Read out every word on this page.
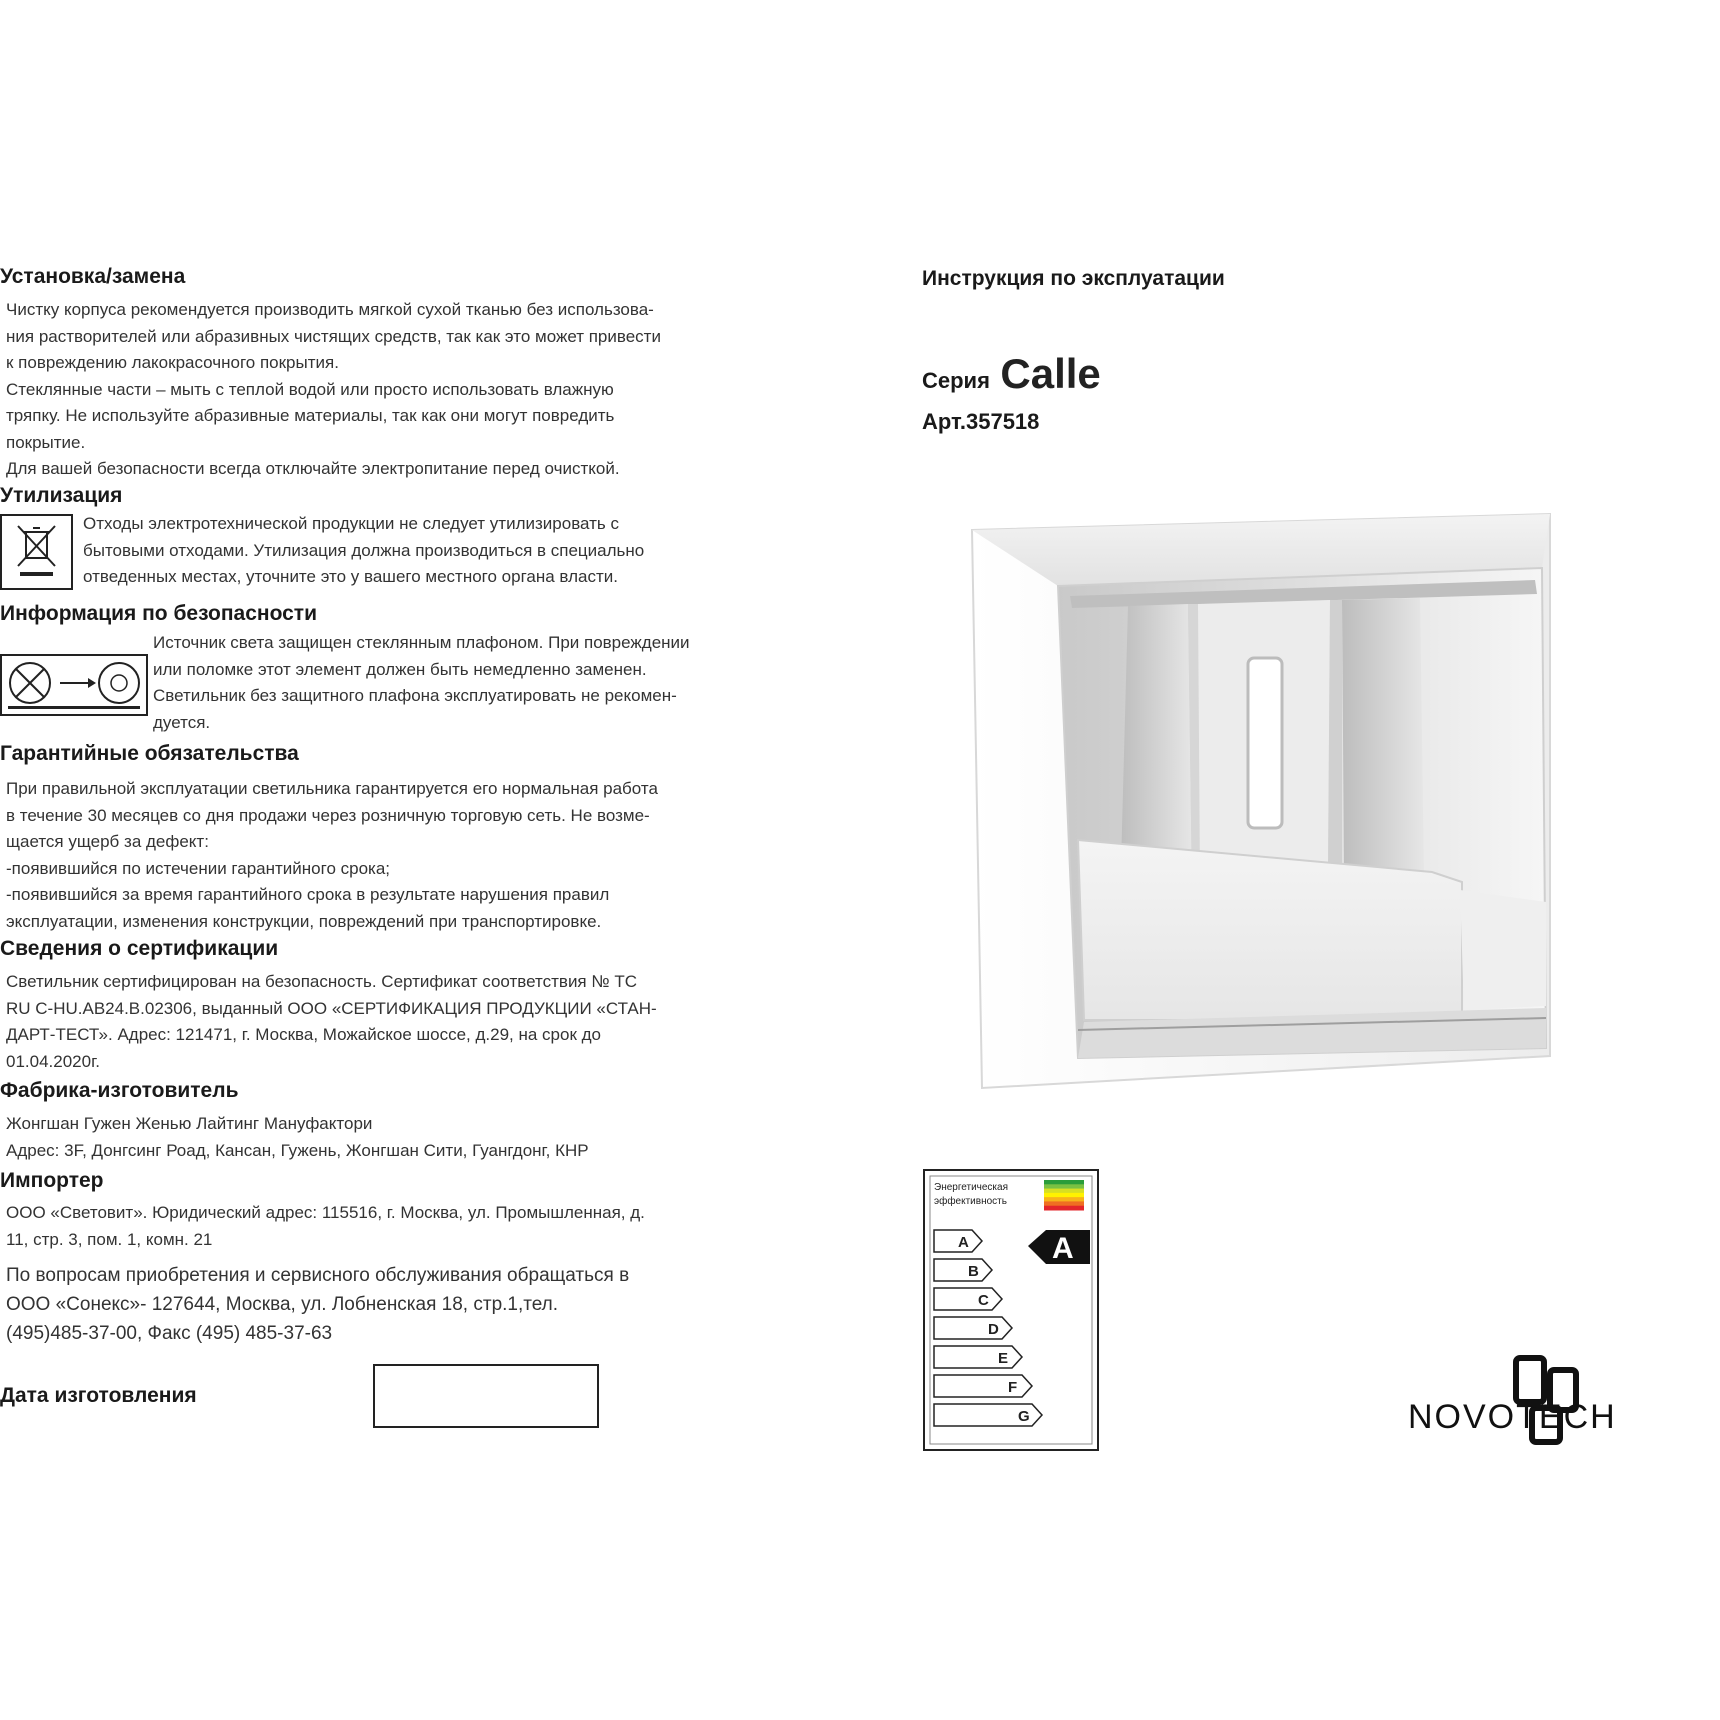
Установка/замена
Чистку корпуса рекомендуется производить мягкой сухой тканью без использова-
ния растворителей или абразивных чистящих средств, так как это может привести
к повреждению лакокрасочного покрытия.
Стеклянные части – мыть с теплой водой или просто использовать влажную
тряпку. Не используйте абразивные материалы, так как они могут повредить
покрытие.
Для вашей безопасности всегда отключайте электропитание перед очисткой.
Утилизация
Отходы электротехнической продукции не следует утилизировать с
бытовыми отходами. Утилизация должна производиться в специально
отведенных местах, уточните это у вашего местного органа власти.
Информация по безопасности
Источник света защищен стеклянным плафоном. При повреждении
или поломке этот элемент должен быть немедленно заменен.
Светильник без защитного плафона эксплуатировать не рекомен-
дуется.
Гарантийные обязательства
При правильной эксплуатации светильника гарантируется его нормальная работа
в течение 30 месяцев со дня продажи через розничную торговую сеть. Не возме-
щается ущерб за дефект:
-появившийся по истечении гарантийного срока;
-появившийся за время гарантийного срока в результате нарушения правил
эксплуатации, изменения конструкции, повреждений при транспортировке.
Сведения о сертификации
Светильник сертифицирован на безопасность. Сертификат соответствия № ТС
RU C-HU.AB24.B.02306, выданный ООО «СЕРТИФИКАЦИЯ ПРОДУКЦИИ «СТАН-
ДАРТ-ТЕСТ». Адрес: 121471, г. Москва, Можайское шоссе, д.29, на срок до
01.04.2020г.
Фабрика-изготовитель
Жонгшан Гужен Женью Лайтинг Мануфактори
Адрес: 3F, Донгсинг Роад, Кансан, Гужень, Жонгшан Сити, Гуангдонг, КНР
Импортер
ООО «Световит». Юридический адрес: 115516, г. Москва, ул. Промышленная, д.
11, стр. 3, пом. 1, комн. 21
По вопросам приобретения и сервисного обслуживания обращаться в
ООО «Сонекс»- 127644, Москва, ул. Лобненская 18, стр.1,тел.
(495)485-37-00, Факс (495) 485-37-63
Дата изготовления
Инструкция по эксплуатации
Серия Calle
Арт.357518
Энергетическая
эффективность
A
B
C
D
E
F
G
A
NOVOTECH
